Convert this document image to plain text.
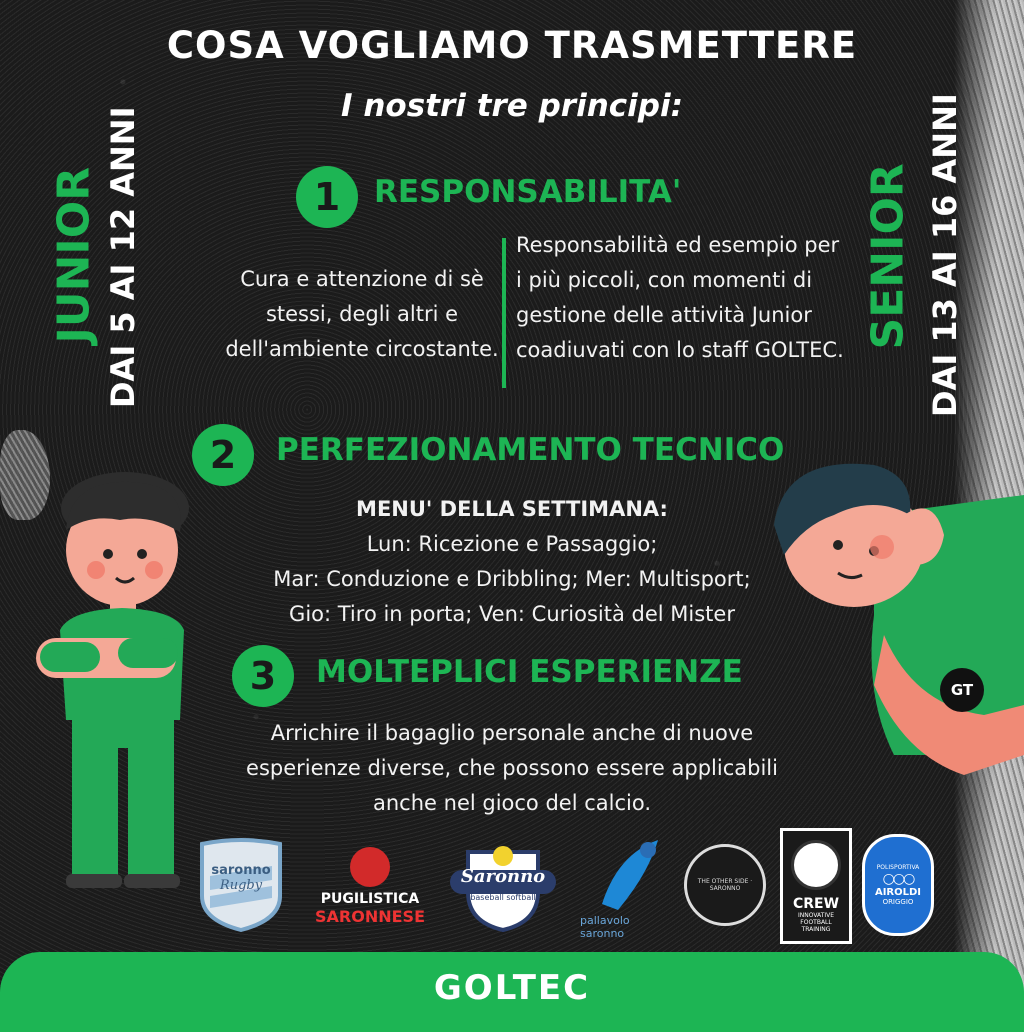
COSA VOGLIAMO TRASMETTERE
I nostri tre principi:
JUNIOR DAI 5 AI 12 ANNI	SENIOR DAI 13 AI 16 ANNI
1	RESPONSABILITA'
Cura e attenzione di sè stessi, degli altri e dell'ambiente circostante.
Responsabilità ed esempio per i più piccoli, con momenti di gestione delle attività Junior coadiuvati con lo staff GOLTEC.
2	PERFEZIONAMENTO TECNICO
MENU' DELLA SETTIMANA:
Lun: Ricezione e Passaggio;
Mar: Conduzione e Dribbling; Mer: Multisport;
Gio: Tiro in porta; Ven: Curiosità del Mister
3	MOLTEPLICI ESPERIENZE
Arrichire il bagaglio personale anche di nuove
esperienze diverse, che possono essere applicabili
anche nel gioco del calcio.
GT
saronno
Rugby
PUGILISTICA
SARONNESE
Saronno
baseball softball
pallavolo saronno
THE OTHER SIDE · SARONNO
CREW
INNOVATIVE FOOTBALL TRAINING
POLISPORTIVA
○○○
AIROLDI
ORIGGIO
GOLTEC
